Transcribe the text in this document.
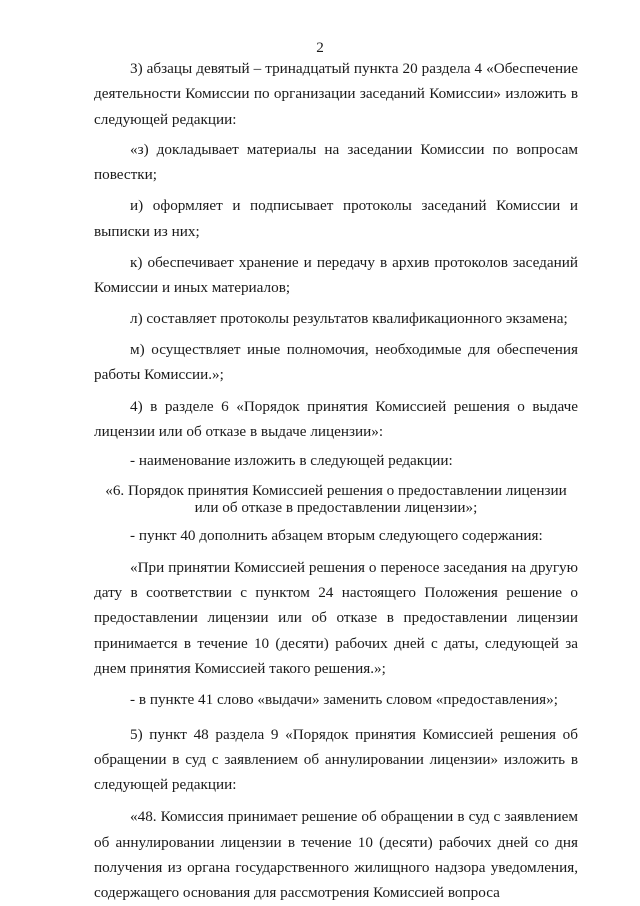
2

3) абзацы девятый – тринадцатый пункта 20 раздела 4 «Обеспечение деятельности Комиссии по организации заседаний Комиссии» изложить в следующей редакции:

«з) докладывает материалы на заседании Комиссии по вопросам повестки;

и) оформляет и подписывает протоколы заседаний Комиссии и выписки из них;

к) обеспечивает хранение и передачу в архив протоколов заседаний Комиссии и иных материалов;

л) составляет протоколы результатов квалификационного экзамена;

м) осуществляет иные полномочия, необходимые для обеспечения работы Комиссии.»;

4) в разделе 6 «Порядок принятия Комиссией решения о выдаче лицензии или об отказе в выдаче лицензии»:

- наименование изложить в следующей редакции:

«6. Порядок принятия Комиссией решения о предоставлении лицензии
или об отказе в предоставлении лицензии»;

- пункт 40 дополнить абзацем вторым следующего содержания:

«При принятии Комиссией решения о переносе заседания на другую дату в соответствии с пунктом 24 настоящего Положения решение о предоставлении лицензии или об отказе в предоставлении лицензии принимается в течение 10 (десяти) рабочих дней с даты, следующей за днем принятия Комиссией такого решения.»;

- в пункте 41 слово «выдачи» заменить словом «предоставления»;

5) пункт 48 раздела 9 «Порядок принятия Комиссией решения об обращении в суд с заявлением об аннулировании лицензии» изложить в следующей редакции:

«48. Комиссия принимает решение об обращении в суд с заявлением об аннулировании лицензии в течение 10 (десяти) рабочих дней со дня получения из органа государственного жилищного надзора уведомления, содержащего основания для рассмотрения Комиссией вопроса
